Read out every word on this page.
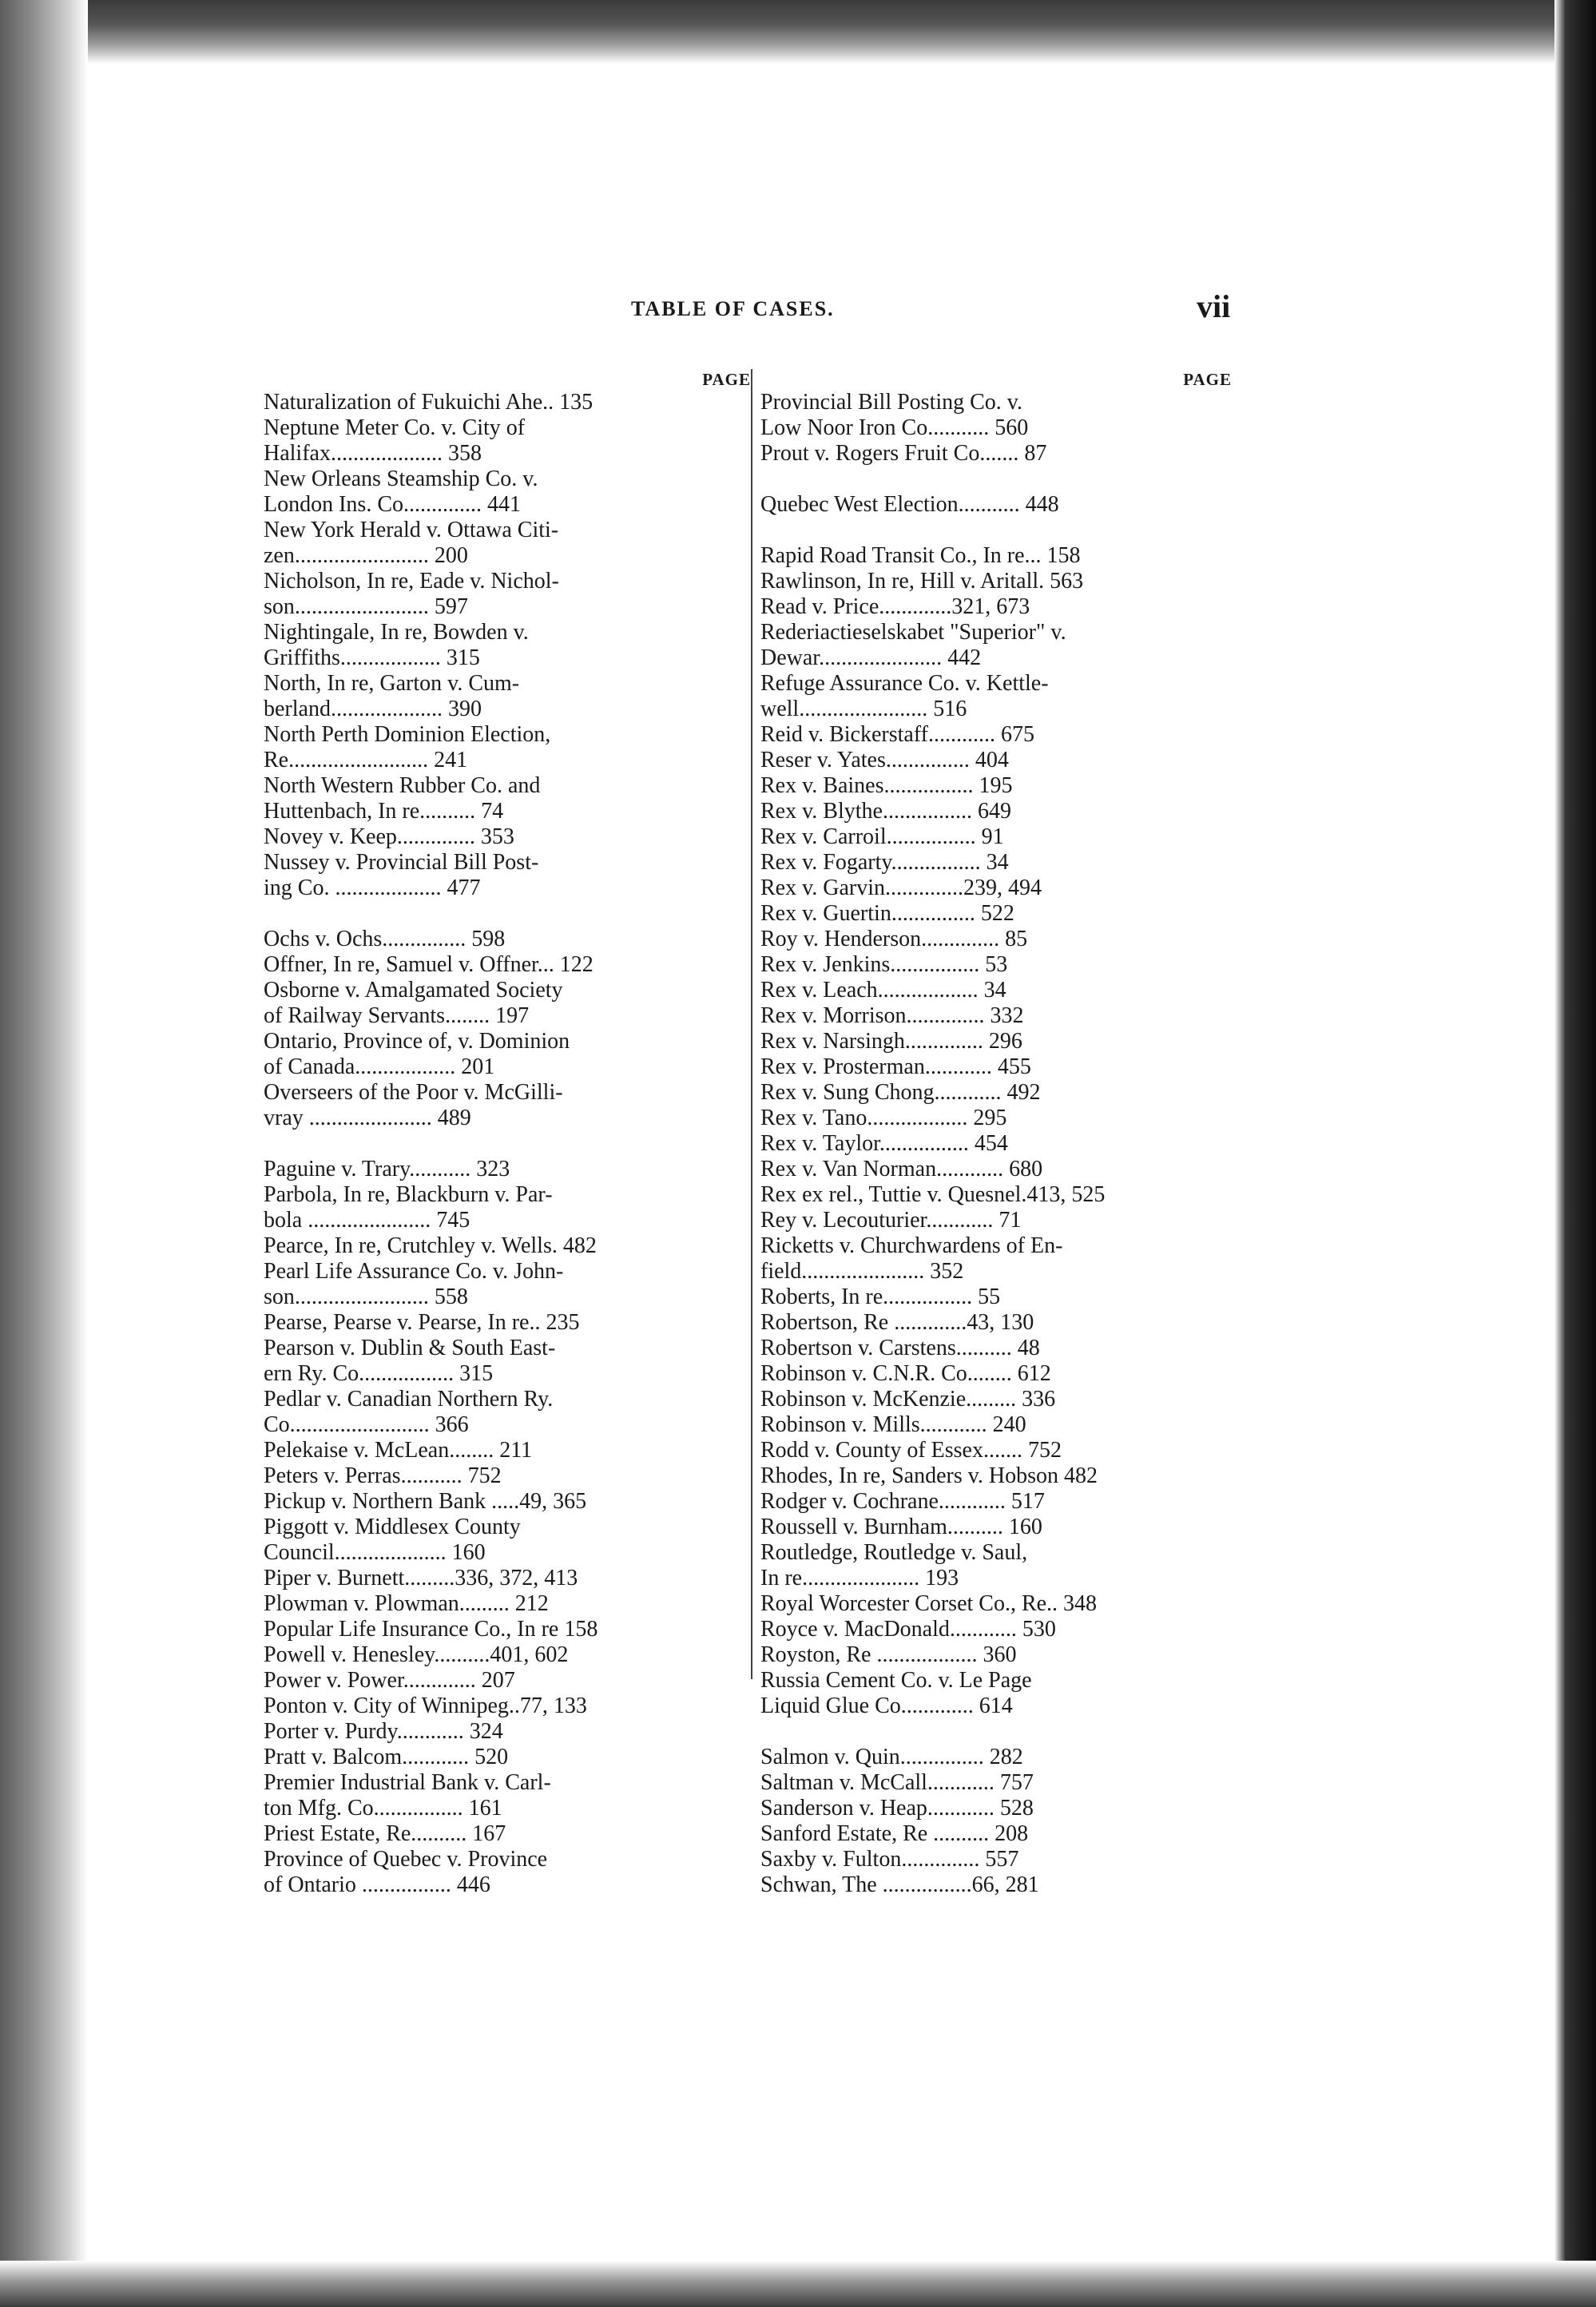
TABLE OF CASES.	vii
PAGE
Naturalization of Fukuichi Ahe.. 135
Neptune Meter Co. v. City of
Halifax.................... 358
New Orleans Steamship Co. v.
London Ins. Co.............. 441
New York Herald v. Ottawa Citi-
zen........................ 200
Nicholson, In re, Eade v. Nichol-
son........................ 597
Nightingale, In re, Bowden v.
Griffiths.................. 315
North, In re, Garton v. Cum-
berland.................... 390
North Perth Dominion Election,
Re......................... 241
North Western Rubber Co. and
Huttenbach, In re.......... 74
Novey v. Keep.............. 353
Nussey v. Provincial Bill Post-
ing Co. ................... 477
Ochs v. Ochs............... 598
Offner, In re, Samuel v. Offner... 122
Osborne v. Amalgamated Society
of Railway Servants........ 197
Ontario, Province of, v. Dominion
of Canada.................. 201
Overseers of the Poor v. McGilli-
vray ...................... 489
Paguine v. Trary........... 323
Parbola, In re, Blackburn v. Par-
bola ...................... 745
Pearce, In re, Crutchley v. Wells. 482
Pearl Life Assurance Co. v. John-
son........................ 558
Pearse, Pearse v. Pearse, In re.. 235
Pearson v. Dublin & South East-
ern Ry. Co................. 315
Pedlar v. Canadian Northern Ry.
Co......................... 366
Pelekaise v. McLean........ 211
Peters v. Perras........... 752
Pickup v. Northern Bank .....49, 365
Piggott v. Middlesex County
Council.................... 160
Piper v. Burnett.........336, 372, 413
Plowman v. Plowman......... 212
Popular Life Insurance Co., In re 158
Powell v. Henesley..........401, 602
Power v. Power............. 207
Ponton v. City of Winnipeg..77, 133
Porter v. Purdy............ 324
Pratt v. Balcom............ 520
Premier Industrial Bank v. Carl-
ton Mfg. Co................ 161
Priest Estate, Re.......... 167
Province of Quebec v. Province
of Ontario ................ 446
PAGE
Provincial Bill Posting Co. v.
Low Noor Iron Co........... 560
Prout v. Rogers Fruit Co....... 87
Quebec West Election........... 448
Rapid Road Transit Co., In re... 158
Rawlinson, In re, Hill v. Aritall. 563
Read v. Price.............321, 673
Rederiactieselskabet "Superior" v.
Dewar...................... 442
Refuge Assurance Co. v. Kettle-
well....................... 516
Reid v. Bickerstaff............ 675
Reser v. Yates............... 404
Rex v. Baines................ 195
Rex v. Blythe................ 649
Rex v. Carroil................ 91
Rex v. Fogarty................ 34
Rex v. Garvin..............239, 494
Rex v. Guertin............... 522
Roy v. Henderson.............. 85
Rex v. Jenkins................ 53
Rex v. Leach.................. 34
Rex v. Morrison.............. 332
Rex v. Narsingh.............. 296
Rex v. Prosterman............ 455
Rex v. Sung Chong............ 492
Rex v. Tano.................. 295
Rex v. Taylor................ 454
Rex v. Van Norman............ 680
Rex ex rel., Tuttie v. Quesnel.413, 525
Rey v. Lecouturier............ 71
Ricketts v. Churchwardens of En-
field...................... 352
Roberts, In re................ 55
Robertson, Re .............43, 130
Robertson v. Carstens.......... 48
Robinson v. C.N.R. Co........ 612
Robinson v. McKenzie......... 336
Robinson v. Mills............ 240
Rodd v. County of Essex....... 752
Rhodes, In re, Sanders v. Hobson 482
Rodger v. Cochrane............ 517
Roussell v. Burnham.......... 160
Routledge, Routledge v. Saul,
In re..................... 193
Royal Worcester Corset Co., Re.. 348
Royce v. MacDonald............ 530
Royston, Re .................. 360
Russia Cement Co. v. Le Page
Liquid Glue Co............. 614
Salmon v. Quin............... 282
Saltman v. McCall............ 757
Sanderson v. Heap............ 528
Sanford Estate, Re .......... 208
Saxby v. Fulton.............. 557
Schwan, The ................66, 281
